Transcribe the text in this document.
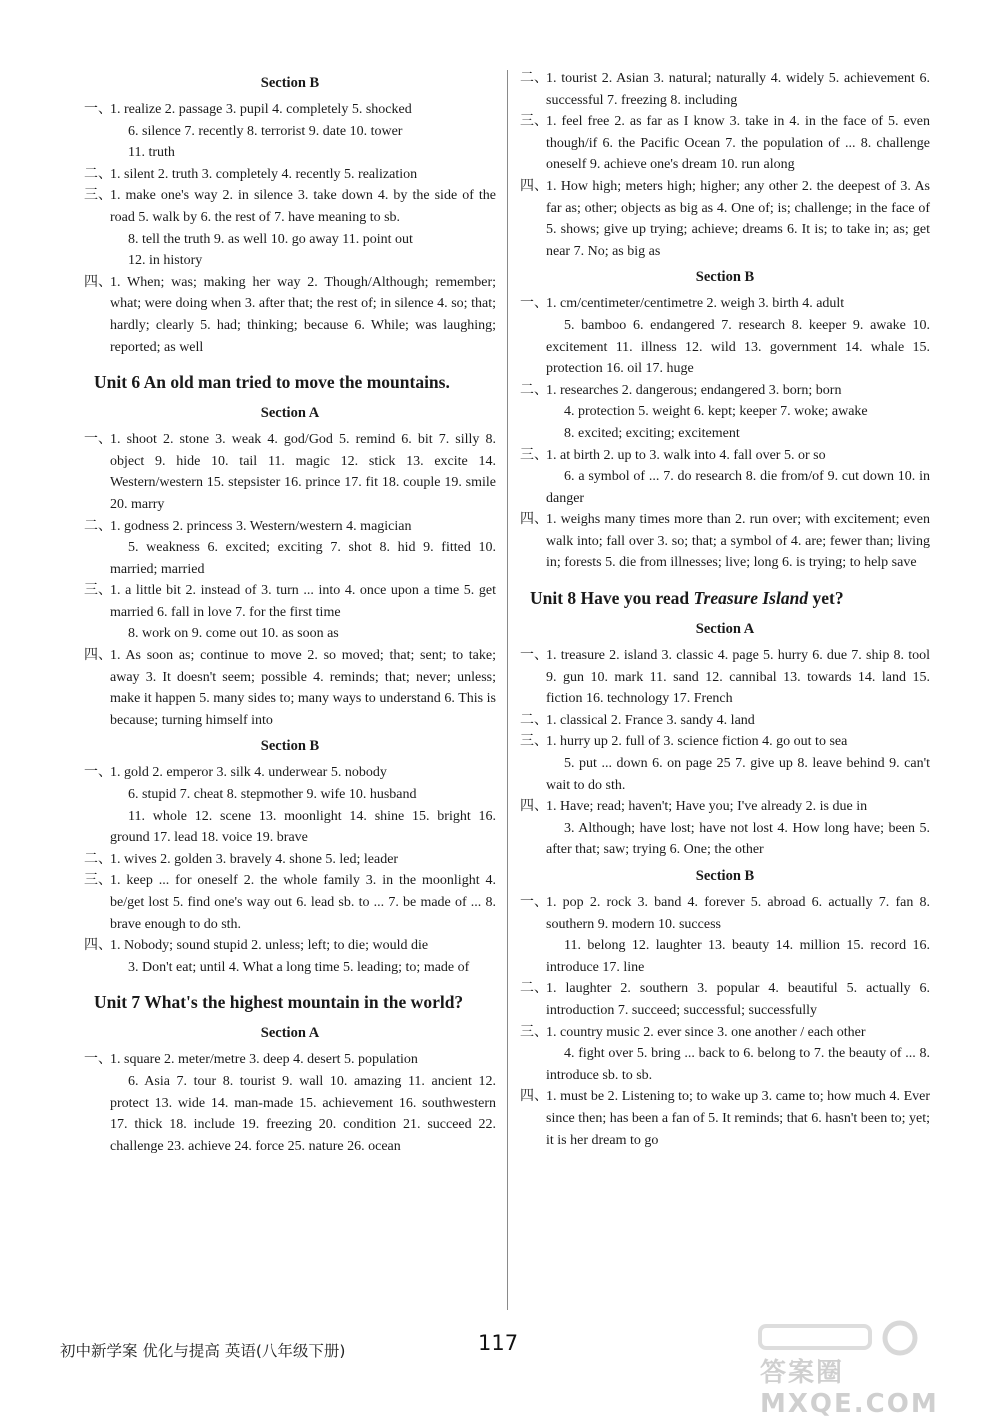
Section B
一、

1. realize 2. passage 3. pupil 4. completely 5. shocked

6. silence 7. recently 8. terrorist 9. date 10. tower

11. truth

二、

1. silent 2. truth 3. completely 4. recently 5. realization

三、

1. make one's way 2. in silence 3. take down 4. by the side of the road 5. walk by 6. the rest of 7. have meaning to sb.

8. tell the truth 9. as well 10. go away 11. point out

12. in history

四、

1. When; was; making her way 2. Though/Although; remember; what; were doing when 3. after that; the rest of; in silence 4. so; that; hardly; clearly 5. had; thinking; because 6. While; was laughing; reported; as well

Unit 6 An old man tried to move the mountains.
Section A
一、

1. shoot 2. stone 3. weak 4. god/God 5. remind 6. bit 7. silly 8. object 9. hide 10. tail 11. magic 12. stick 13. excite 14. Western/western 15. stepsister 16. prince 17. fit 18. couple 19. smile 20. marry

二、

1. godness 2. princess 3. Western/western 4. magician

5. weakness 6. excited; exciting 7. shot 8. hid 9. fitted 10. married; married

三、

1. a little bit 2. instead of 3. turn ... into 4. once upon a time 5. get married 6. fall in love 7. for the first time

8. work on 9. come out 10. as soon as

四、

1. As soon as; continue to move 2. so moved; that; sent; to take; away 3. It doesn't seem; possible 4. reminds; that; never; unless; make it happen 5. many sides to; many ways to understand 6. This is because; turning himself into

Section B
一、

1. gold 2. emperor 3. silk 4. underwear 5. nobody

6. stupid 7. cheat 8. stepmother 9. wife 10. husband

11. whole 12. scene 13. moonlight 14. shine 15. bright 16. ground 17. lead 18. voice 19. brave

二、

1. wives 2. golden 3. bravely 4. shone 5. led; leader

三、

1. keep ... for oneself 2. the whole family 3. in the moonlight 4. be/get lost 5. find one's way out 6. lead sb. to ... 7. be made of ... 8. brave enough to do sth.

四、

1. Nobody; sound stupid 2. unless; left; to die; would die

3. Don't eat; until 4. What a long time 5. leading; to; made of

Unit 7 What's the highest mountain in the world?
Section A
一、

1. square 2. meter/metre 3. deep 4. desert 5. population

6. Asia 7. tour 8. tourist 9. wall 10. amazing 11. ancient 12. protect 13. wide 14. man-made 15. achievement 16. southwestern 17. thick 18. include 19. freezing 20. condition 21. succeed 22. challenge 23. achieve 24. force 25. nature 26. ocean

二、

1. tourist 2. Asian 3. natural; naturally 4. widely 5. achievement 6. successful 7. freezing 8. including

三、

1. feel free 2. as far as I know 3. take in 4. in the face of 5. even though/if 6. the Pacific Ocean 7. the population of ... 8. challenge oneself 9. achieve one's dream 10. run along

四、

1. How high; meters high; higher; any other 2. the deepest of 3. As far as; other; objects as big as 4. One of; is; challenge; in the face of 5. shows; give up trying; achieve; dreams 6. It is; to take in; as; get near 7. No; as big as

Section B
一、

1. cm/centimeter/centimetre 2. weigh 3. birth 4. adult

5. bamboo 6. endangered 7. research 8. keeper 9. awake 10. excitement 11. illness 12. wild 13. government 14. whale 15. protection 16. oil 17. huge

二、

1. researches 2. dangerous; endangered 3. born; born

4. protection 5. weight 6. kept; keeper 7. woke; awake

8. excited; exciting; excitement

三、

1. at birth 2. up to 3. walk into 4. fall over 5. or so

6. a symbol of ... 7. do research 8. die from/of 9. cut down 10. in danger

四、

1. weighs many times more than 2. run over; with excitement; even walk into; fall over 3. so; that; a symbol of 4. are; fewer than; living in; forests 5. die from illnesses; live; long 6. is trying; to help save

Unit 8 Have you read Treasure Island yet?
Section A
一、

1. treasure 2. island 3. classic 4. page 5. hurry 6. due 7. ship 8. tool 9. gun 10. mark 11. sand 12. cannibal 13. towards 14. land 15. fiction 16. technology 17. French

二、

1. classical 2. France 3. sandy 4. land

三、

1. hurry up 2. full of 3. science fiction 4. go out to sea

5. put ... down 6. on page 25 7. give up 8. leave behind 9. can't wait to do sth.

四、

1. Have; read; haven't; Have you; I've already 2. is due in

3. Although; have lost; have not lost 4. How long have; been 5. after that; saw; trying 6. One; the other

Section B
一、

1. pop 2. rock 3. band 4. forever 5. abroad 6. actually 7. fan 8. southern 9. modern 10. success

11. belong 12. laughter 13. beauty 14. million 15. record 16. introduce 17. line

二、

1. laughter 2. southern 3. popular 4. beautiful 5. actually 6. introduction 7. succeed; successful; successfully

三、

1. country music 2. ever since 3. one another / each other

4. fight over 5. bring ... back to 6. belong to 7. the beauty of ... 8. introduce sb. to sb.

四、

1. must be 2. Listening to; to wake up 3. came to; how much 4. Ever since then; has been a fan of 5. It reminds; that 6. hasn't been to; yet; it is her dream to go

初中新学案 优化与提高 英语(八年级下册)	117
答案圈 MXQE.COM
